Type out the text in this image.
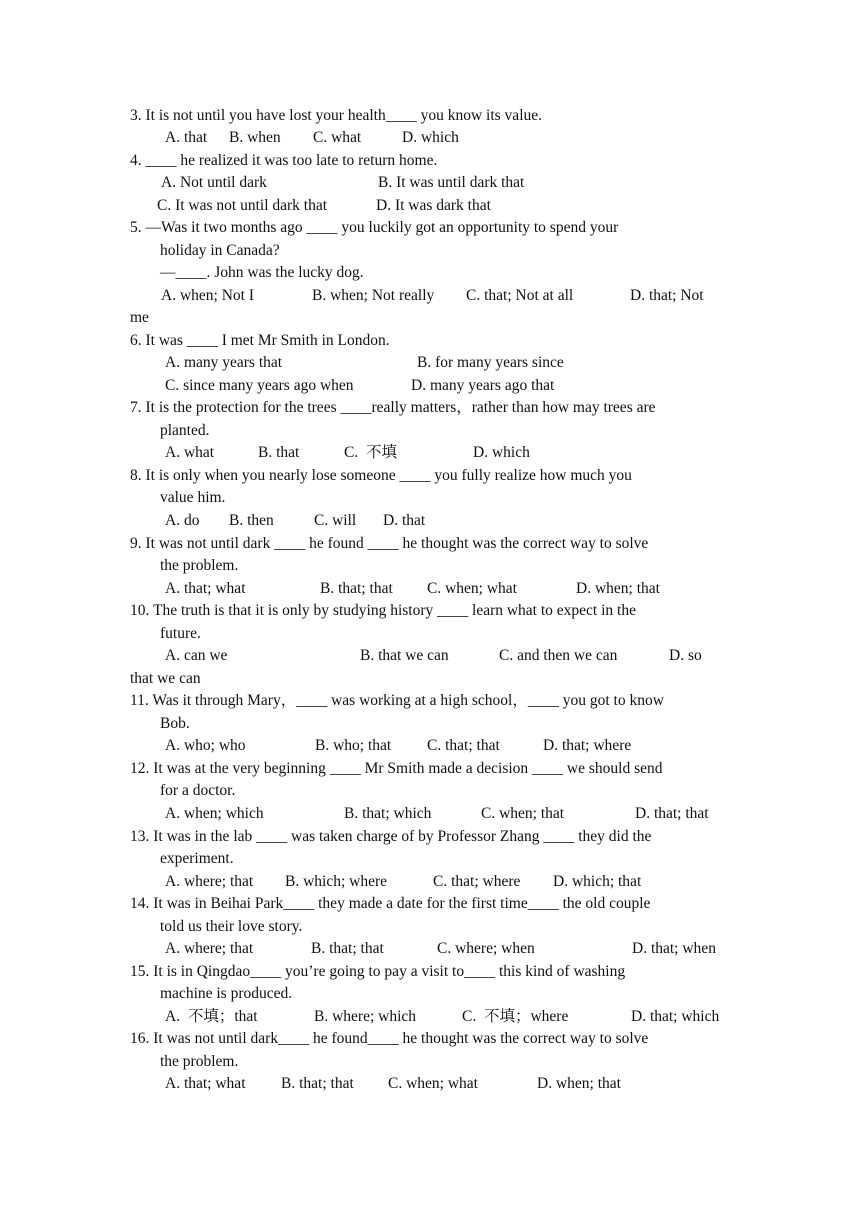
3. It is not until you have lost your health____ you know its value.
A. that B. when C. what	D. which
4. ____ he realized it was too late to return home.
A. Not until dark	B. It was until dark that
C. It was not until dark that	D. It was dark that
5. —Was it two months ago ____ you luckily got an opportunity to spend your
holiday in Canada?
—____. John was the lucky dog.
A. when; Not I	B. when; Not really C. that; Not at all	D. that; Not
me
6. It was ____ I met Mr Smith in London.
A. many years that	B. for many years since
C. since many years ago when	D. many years ago that
7. It is the protection for the trees ____really matters，rather than how may trees are
planted.
A. what	B. that	C.  不填	D. which
8. It is only when you nearly lose someone ____ you fully realize how much you
value him.
A. do B. then	C. will D. that
9. It was not until dark ____ he found ____ he thought was the correct way to solve
the problem.
A. that; what	B. that; that C. when; what	D. when; that
10. The truth is that it is only by studying history ____ learn what to expect in the
future.
A. can we	B. that we can	C. and then we can	D. so
that we can
11. Was it through Mary，____ was working at a high school，____ you got to know
Bob.
A. who; who	B. who; that C. that; that	D. that; where
12. It was at the very beginning ____ Mr Smith made a decision ____ we should send
for a doctor.
A. when; which	B. that; which	C. when; that	D. that; that
13. It was in the lab ____ was taken charge of by Professor Zhang ____ they did the
experiment.
A. where; that B. which; where	C. that; where D. which; that
14. It was in Beihai Park____ they made a date for the first time____ the old couple
told us their love story.
A. where; that	B. that; that	C. where; when	D. that; when
15. It is in Qingdao____ you’re going to pay a visit to____ this kind of washing
machine is produced.
A.  不填；that	B. where; which	C.  不填；where	D. that; which
16. It was not until dark____ he found____ he thought was the correct way to solve
the problem.
A. that; what B. that; that C. when; what	D. when; that
